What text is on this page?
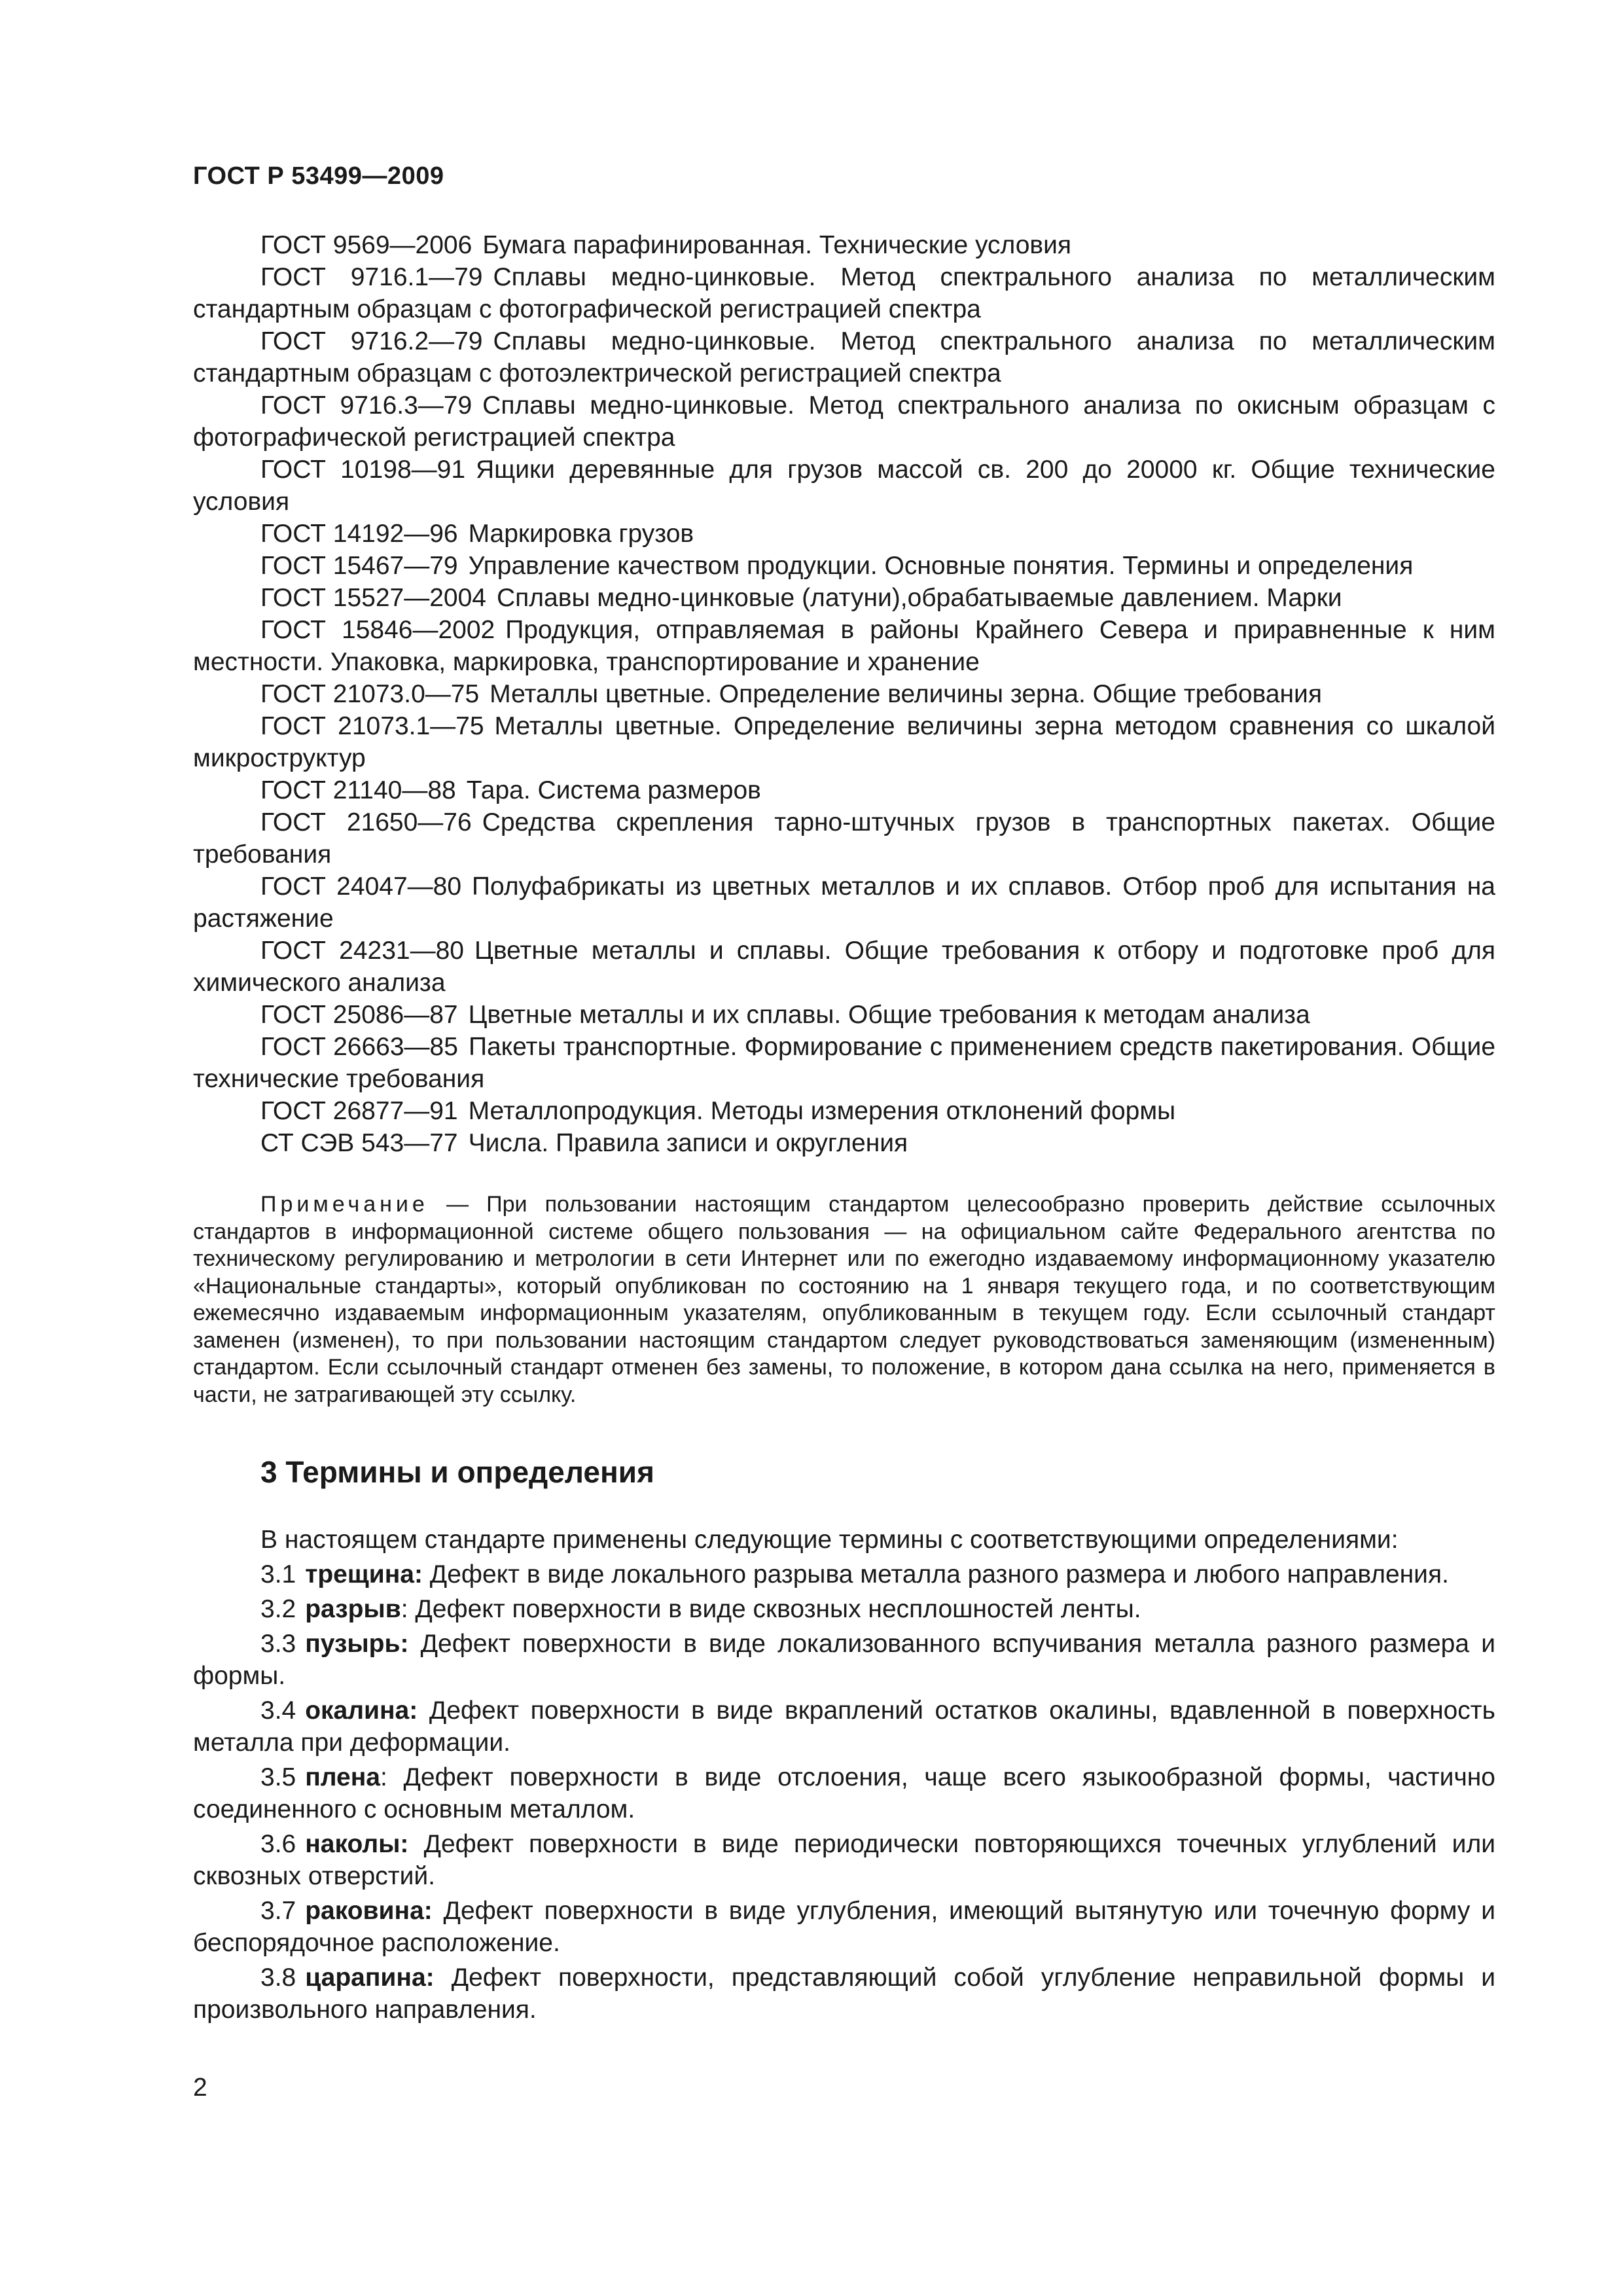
ГОСТ Р 53499—2009

ГОСТ 9569—2006 Бумага парафинированная. Технические условия

ГОСТ 9716.1—79 Сплавы медно-цинковые. Метод спектрального анализа по металлическим стандартным образцам с фотографической регистрацией спектра

ГОСТ 9716.2—79 Сплавы медно-цинковые. Метод спектрального анализа по металлическим стандартным образцам с фотоэлектрической регистрацией спектра

ГОСТ 9716.3—79 Сплавы медно-цинковые. Метод спектрального анализа по окисным образцам с фотографической регистрацией спектра

ГОСТ 10198—91 Ящики деревянные для грузов массой св. 200 до 20000 кг. Общие технические условия

ГОСТ 14192—96 Маркировка грузов

ГОСТ 15467—79 Управление качеством продукции. Основные понятия. Термины и определения

ГОСТ 15527—2004 Сплавы медно-цинковые (латуни),обрабатываемые давлением. Марки

ГОСТ 15846—2002 Продукция, отправляемая в районы Крайнего Севера и приравненные к ним местности. Упаковка, маркировка, транспортирование и хранение

ГОСТ 21073.0—75 Металлы цветные. Определение величины зерна. Общие требования

ГОСТ 21073.1—75 Металлы цветные. Определение величины зерна методом сравнения со шкалой микроструктур

ГОСТ 21140—88 Тара. Система размеров

ГОСТ 21650—76 Средства скрепления тарно-штучных грузов в транспортных пакетах. Общие требования

ГОСТ 24047—80 Полуфабрикаты из цветных металлов и их сплавов. Отбор проб для испытания на растяжение

ГОСТ 24231—80 Цветные металлы и сплавы. Общие требования к отбору и подготовке проб для химического анализа

ГОСТ 25086—87 Цветные металлы и их сплавы. Общие требования к методам анализа

ГОСТ 26663—85 Пакеты транспортные. Формирование с применением средств пакетирования. Общие технические требования

ГОСТ 26877—91 Металлопродукция. Методы измерения отклонений формы

СТ СЭВ 543—77 Числа. Правила записи и округления

Примечание — При пользовании настоящим стандартом целесообразно проверить действие ссылочных стандартов в информационной системе общего пользования — на официальном сайте Федерального агентства по техническому регулированию и метрологии в сети Интернет или по ежегодно издаваемому информационному указателю «Национальные стандарты», который опубликован по состоянию на 1 января текущего года, и по соответствующим ежемесячно издаваемым информационным указателям, опубликованным в текущем году. Если ссылочный стандарт заменен (изменен), то при пользовании настоящим стандартом следует руководствоваться заменяющим (измененным) стандартом. Если ссылочный стандарт отменен без замены, то положение, в котором дана ссылка на него, применяется в части, не затрагивающей эту ссылку.

3 Термины и определения

В настоящем стандарте применены следующие термины с соответствующими определениями:

3.1 трещина: Дефект в виде локального разрыва металла разного размера и любого направления.

3.2 разрыв: Дефект поверхности в виде сквозных несплошностей ленты.

3.3 пузырь: Дефект поверхности в виде локализованного вспучивания металла разного размера и формы.

3.4 окалина: Дефект поверхности в виде вкраплений остатков окалины, вдавленной в поверхность металла при деформации.

3.5 плена: Дефект поверхности в виде отслоения, чаще всего языкообразной формы, частично соединенного с основным металлом.

3.6 наколы: Дефект поверхности в виде периодически повторяющихся точечных углублений или сквозных отверстий.

3.7 раковина: Дефект поверхности в виде углубления, имеющий вытянутую или точечную форму и беспорядочное расположение.

3.8 царапина: Дефект поверхности, представляющий собой углубление неправильной формы и произвольного направления.

2
